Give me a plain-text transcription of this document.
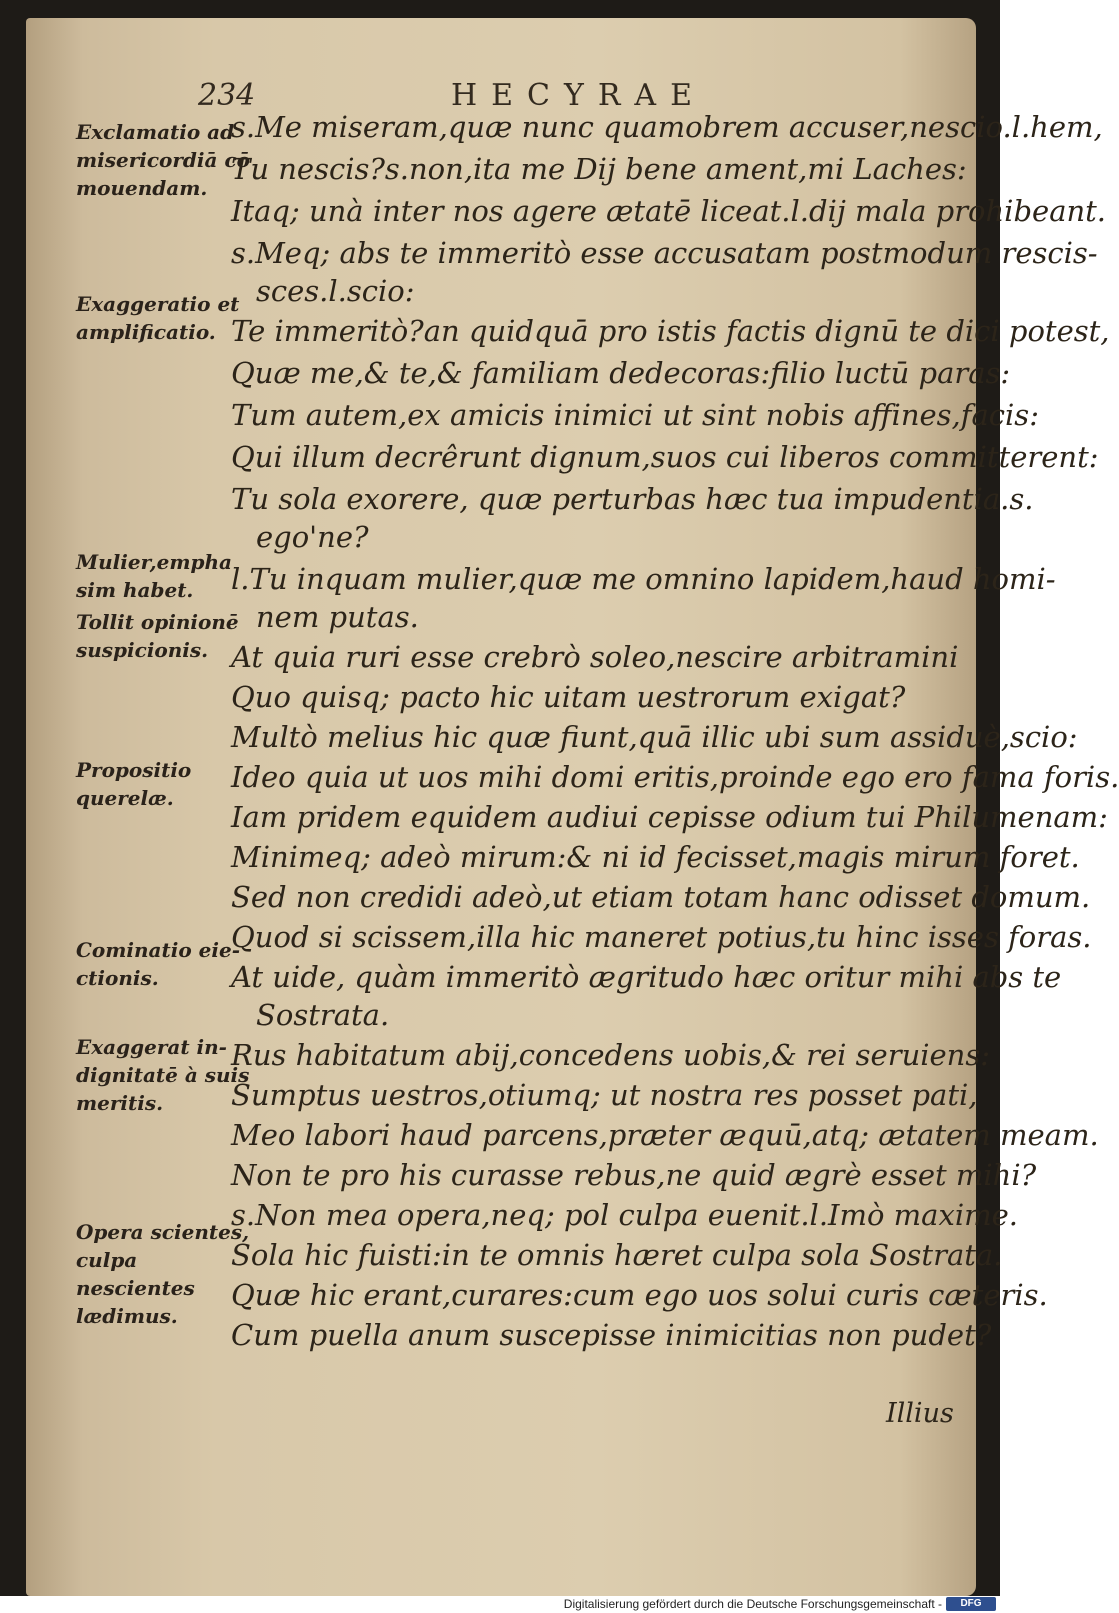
234	HECYRAE
Exclamatio ad misericordiā cō mouendam.
Exaggeratio et amplificatio.
Mulier,empha sim habet.
Tollit opinionē suspicionis.
Propositio querelæ.
Cominatio eie-ctionis.
Exaggerat in-dignitatē à suis meritis.
Opera scientes, culpa nescientes lædimus.
s.Me miseram,quæ nunc quamobrem accuser,nescio.l.hem,
Tu nescis?s.non,ita me Dij bene ament,mi Laches:
Itaq; unà inter nos agere ætatē liceat.l.dij mala prohibeant.
s.Meq; abs te immeritò esse accusatam postmodum rescis-
sces.l.scio:
Te immeritò?an quidquā pro istis factis dignū te dici potest,
Quæ me,& te,& familiam dedecoras:filio luctū paras:
Tum autem,ex amicis inimici ut sint nobis affines,facis:
Qui illum decrêrunt dignum,suos cui liberos committerent:
Tu sola exorere, quæ perturbas hæc tua impudentia.s.
ego'ne?
l.Tu inquam mulier,quæ me omnino lapidem,haud homi-
nem putas.
At quia ruri esse crebrò soleo,nescire arbitramini
Quo quisq; pacto hic uitam uestrorum exigat?
Multò melius hic quæ fiunt,quā illic ubi sum assiduè,scio:
Ideo quia ut uos mihi domi eritis,proinde ego ero fama foris.
Iam pridem equidem audiui cepisse odium tui Philumenam:
Minimeq; adeò mirum:& ni id fecisset,magis mirum foret.
Sed non credidi adeò,ut etiam totam hanc odisset domum.
Quod si scissem,illa hic maneret potius,tu hinc isses foras.
At uide, quàm immeritò ægritudo hæc oritur mihi abs te
Sostrata.
Rus habitatum abij,concedens uobis,& rei seruiens:
Sumptus uestros,otiumq; ut nostra res posset pati,
Meo labori haud parcens,præter æquū,atq; ætatem meam.
Non te pro his curasse rebus,ne quid ægrè esset mihi?
s.Non mea opera,neq; pol culpa euenit.l.Imò maxime.
Sola hic fuisti:in te omnis hæret culpa sola Sostrata.
Quæ hic erant,curares:cum ego uos solui curis cæteris.
Cum puella anum suscepisse inimicitias non pudet?
Illius
Digitalisierung gefördert durch die Deutsche Forschungsgemeinschaft -	DFG
